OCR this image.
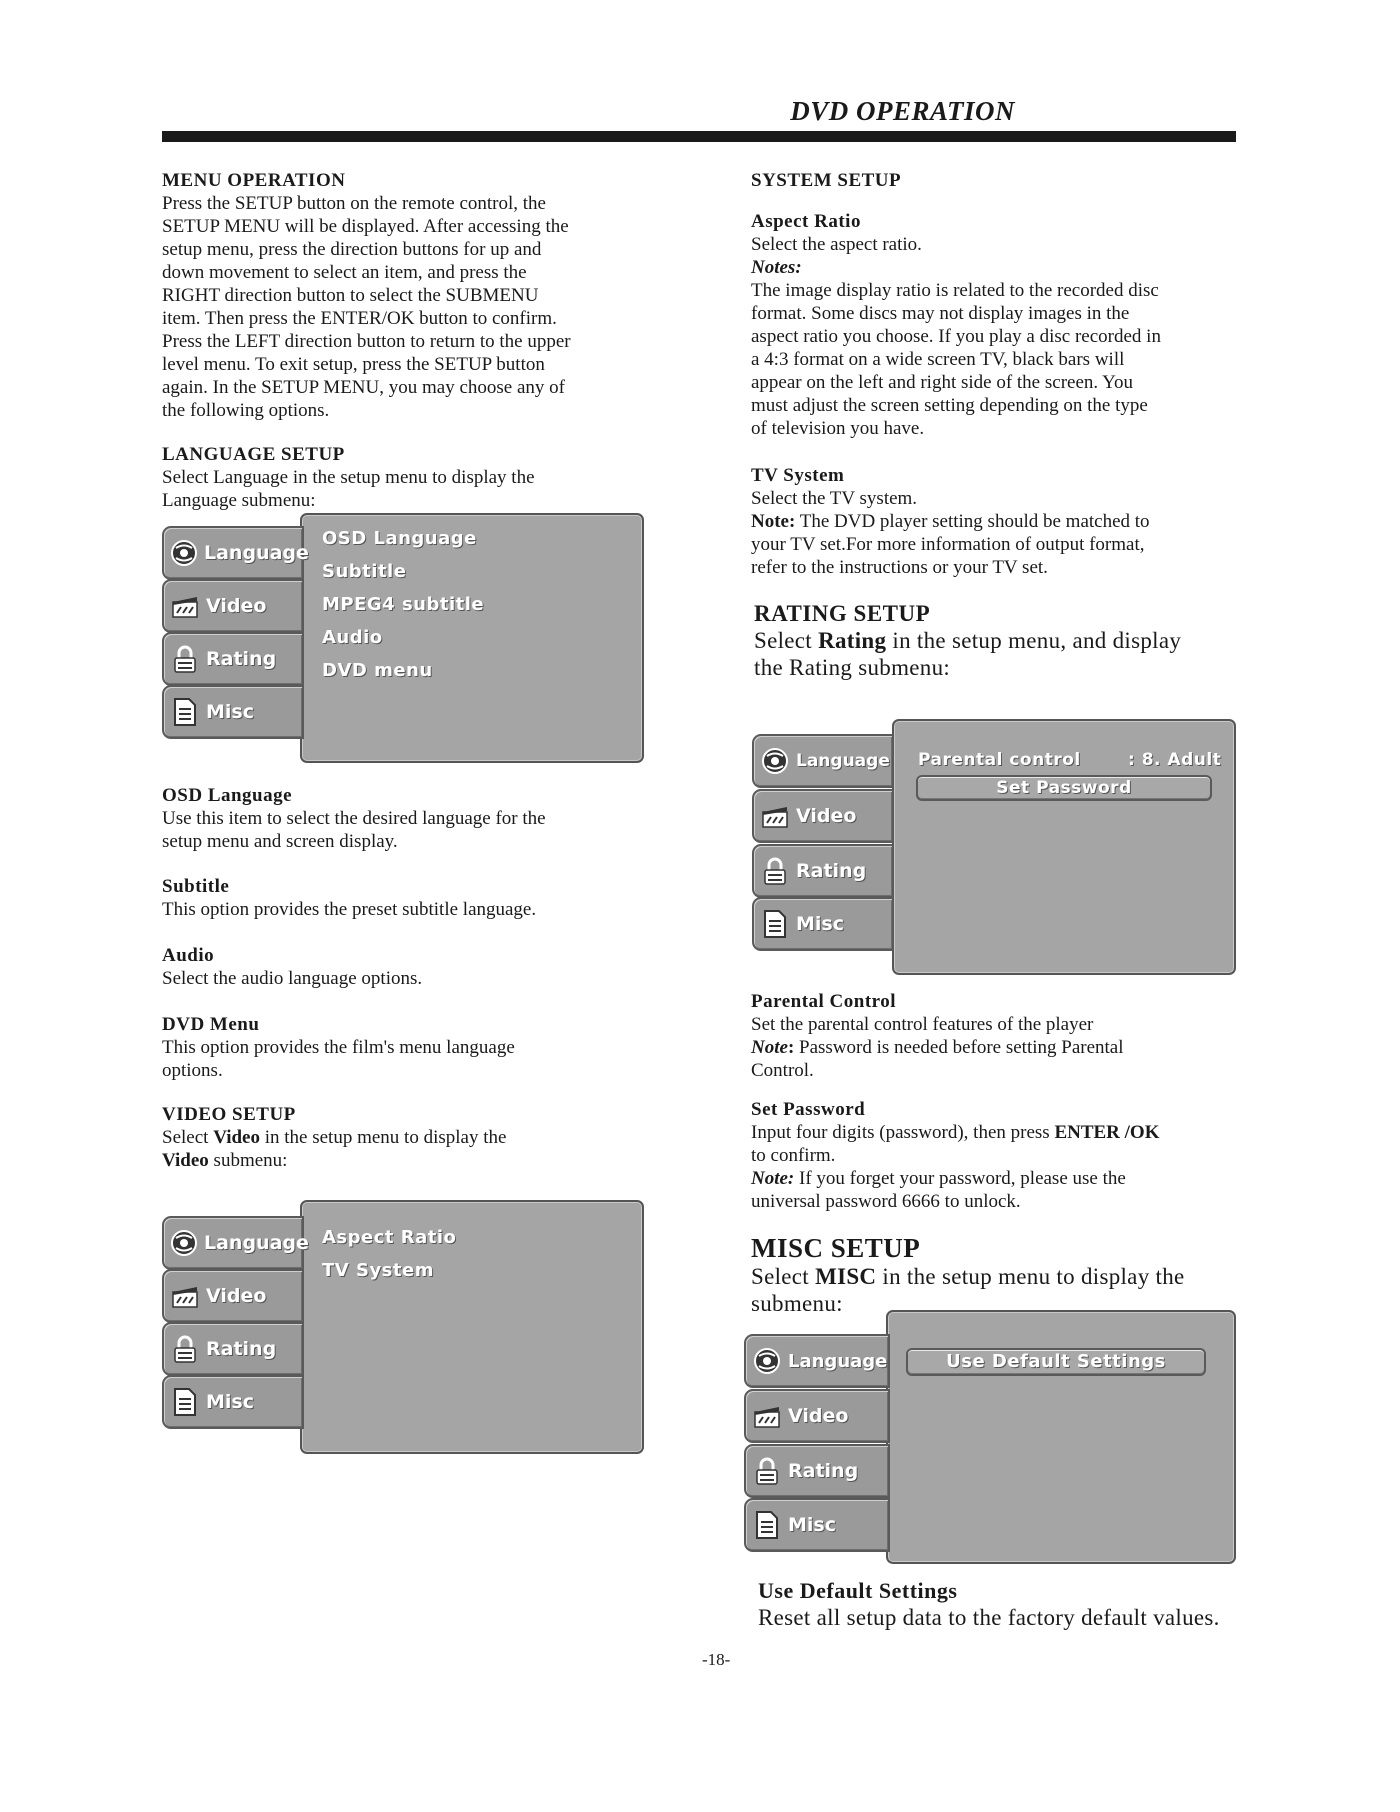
DVD OPERATION

MENU OPERATION

Press the SETUP button on the remote control, the

SETUP MENU will be displayed. After accessing the

setup menu, press the direction buttons for up and

down movement to select an item, and press the

RIGHT direction button to select the SUBMENU

item. Then press the ENTER/OK button to confirm.

Press the LEFT direction button to return to the upper

level menu. To exit setup, press the SETUP button

again. In the SETUP MENU, you may choose any of

the following options.

LANGUAGE SETUP

Select Language in the setup menu to display the

Language submenu:

Language
Video
Rating
Misc
OSD Language
Subtitle
MPEG4 subtitle
Audio
DVD menu

OSD Language

Use this item to select the desired language for the

setup menu and screen display.

Subtitle

This option provides the preset subtitle language.

Audio

Select the audio language options.

DVD Menu

This option provides the film's menu language

options.

VIDEO SETUP

Select Video in the setup menu to display the

Video submenu:

Language
Video
Rating
Misc
Aspect Ratio
TV System

SYSTEM SETUP

Aspect Ratio

Select the aspect ratio.

Notes:

The image display ratio is related to the recorded disc

format. Some discs may not display images in the

aspect ratio you choose. If you play a disc recorded in

a 4:3 format on a wide screen TV, black bars will

appear on the left and right side of the screen. You

must adjust the screen setting depending on the type

of television you have.

TV System

Select the TV system.

Note: The DVD player setting should be matched to

your TV set.For more information of output format,

refer to the instructions or your TV set.

RATING SETUP

Select Rating in the setup menu, and display

the Rating submenu:

Language
Video
Rating
Misc
Parental control	: 8. Adult
Set Password

Parental Control

Set the parental control features of the player

Note: Password is needed before setting Parental

Control.

Set Password

Input four digits (password), then press ENTER /OK

to confirm.

Note: If you forget your password, please use the

universal password 6666 to unlock.

MISC SETUP

Select MISC in the setup menu to display the

submenu:

Language
Video
Rating
Misc
Use Default Settings

Use Default Settings

Reset all setup data to the factory default values.

-18-
